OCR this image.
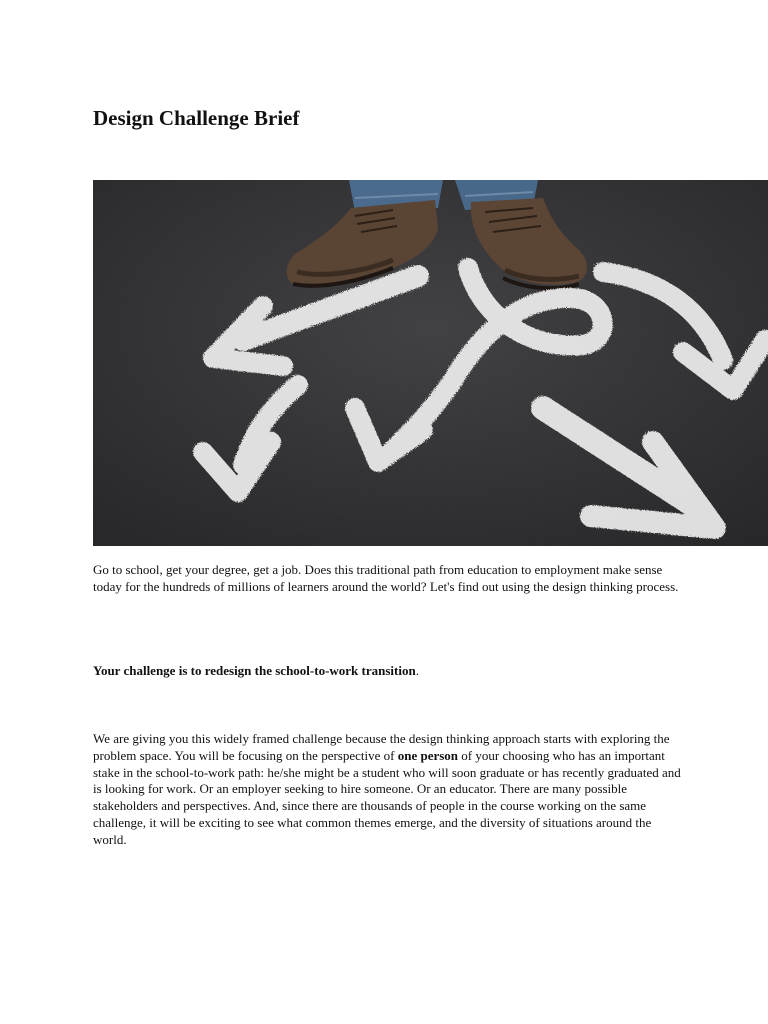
Design Challenge Brief

Go to school, get your degree, get a job. Does this traditional path from education to employment make sense today for the hundreds of millions of learners around the world? Let's find out using the design thinking process.

Your challenge is to redesign the school-to-work transition.

We are giving you this widely framed challenge because the design thinking approach starts with exploring the problem space. You will be focusing on the perspective of one person of your choosing who has an important stake in the school-to-work path: he/she might be a student who will soon graduate or has recently graduated and is looking for work. Or an employer seeking to hire someone. Or an educator. There are many possible stakeholders and perspectives. And, since there are thousands of people in the course working on the same challenge, it will be exciting to see what common themes emerge, and the diversity of situations around the world.
